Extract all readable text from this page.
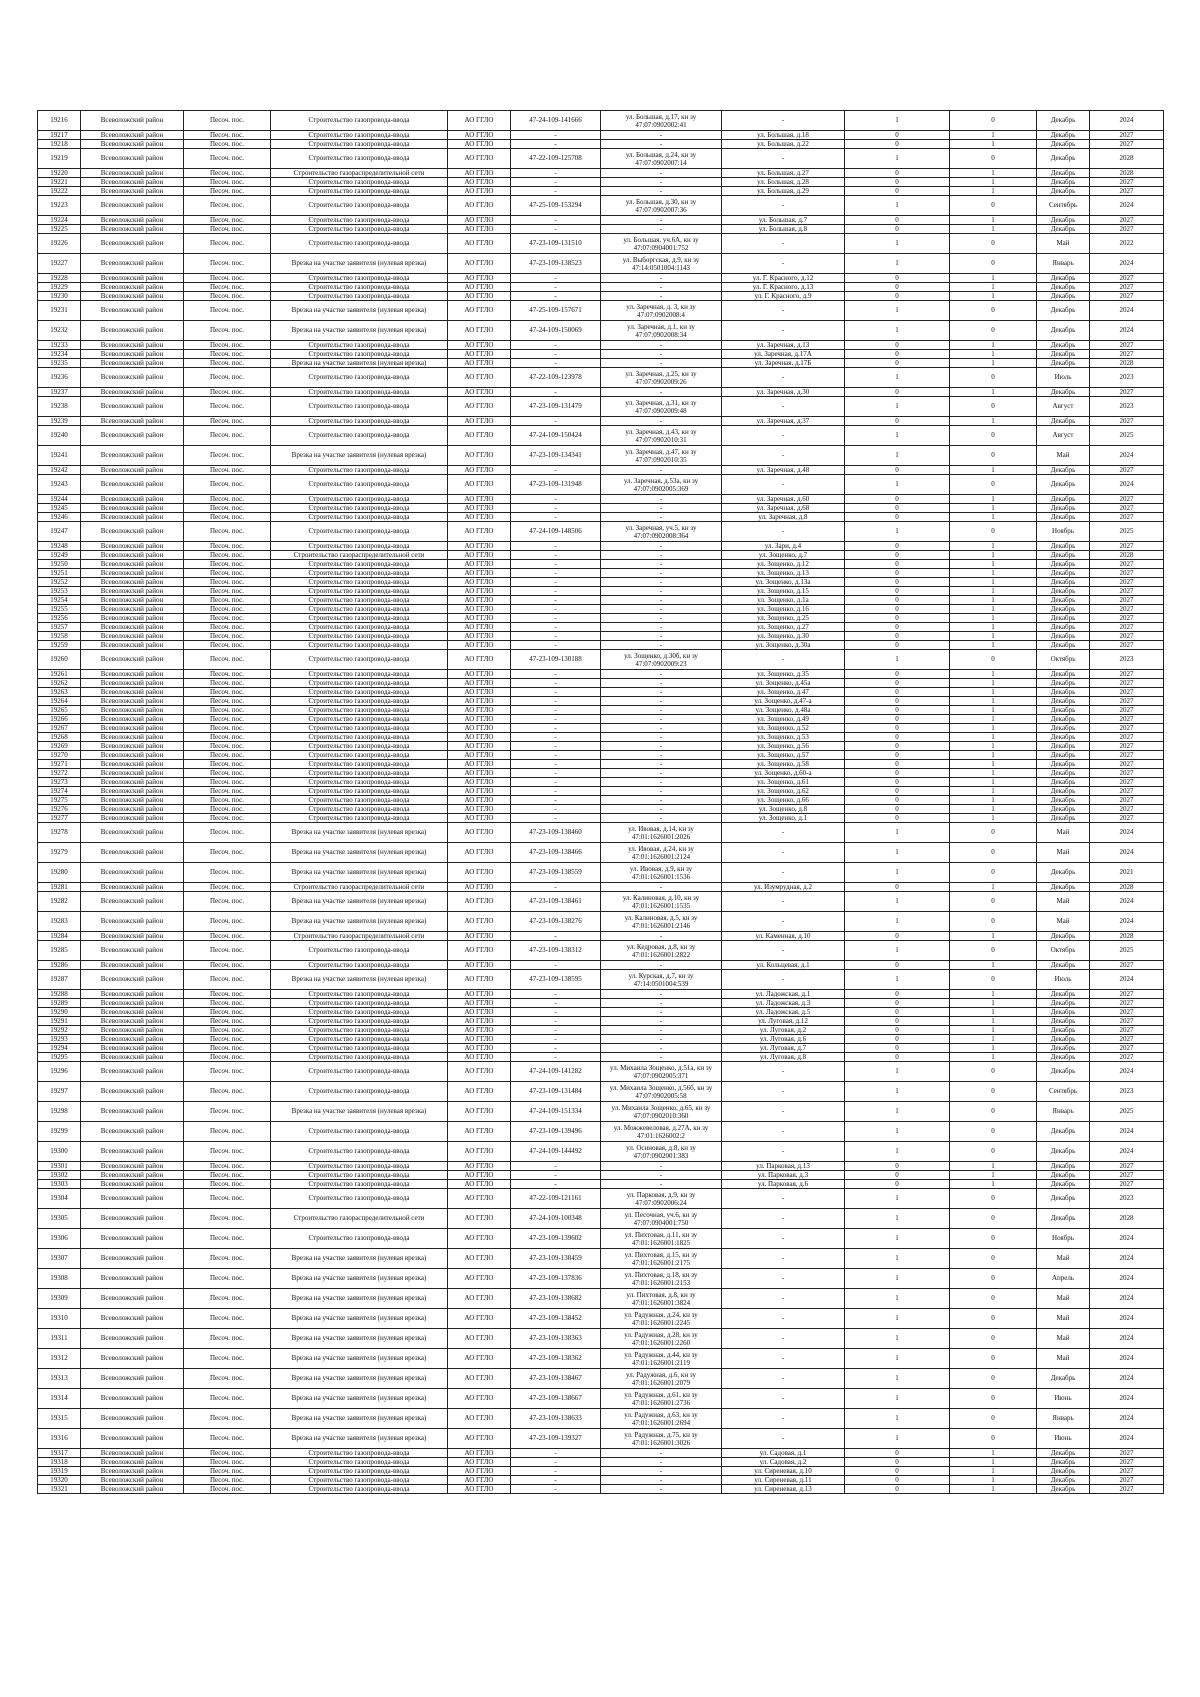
19216	Всеволожский район	Песоч. пос.	Строительство газопровода-ввода	АО ГГЛО	47-24-109-141666	ул. Большая, д.17, кн зу 47:07:0902002:41	-	1	0	Декабрь	2024
19217	Всеволожский район	Песоч. пос.	Строительство газопровода-ввода	АО ГГЛО	-	-	ул. Большая, д.18	0	1	Декабрь	2027
19218	Всеволожский район	Песоч. пос.	Строительство газопровода-ввода	АО ГГЛО	-	-	ул. Большая, д.22	0	1	Декабрь	2027
19219	Всеволожский район	Песоч. пос.	Строительство газопровода-ввода	АО ГГЛО	47-22-109-125708	ул. Большая, д.24, кн зу 47:07:0902007:14	-	1	0	Декабрь	2028
19220	Всеволожский район	Песоч. пос.	Строительство газораспределительной сети	АО ГГЛО	-	-	ул. Большая, д.27	0	1	Декабрь	2028
19221	Всеволожский район	Песоч. пос.	Строительство газопровода-ввода	АО ГГЛО	-	-	ул. Большая, д.28	0	1	Декабрь	2027
19222	Всеволожский район	Песоч. пос.	Строительство газопровода-ввода	АО ГГЛО	-	-	ул. Большая, д.29	0	1	Декабрь	2027
19223	Всеволожский район	Песоч. пос.	Строительство газопровода-ввода	АО ГГЛО	47-25-109-153294	ул. Большая, д.30, кн зу 47:07:0902007:36	-	1	0	Сентябрь	2024
19224	Всеволожский район	Песоч. пос.	Строительство газопровода-ввода	АО ГГЛО	-	-	ул. Большая, д.7	0	1	Декабрь	2027
19225	Всеволожский район	Песоч. пос.	Строительство газопровода-ввода	АО ГГЛО	-	-	ул. Большая, д.8	0	1	Декабрь	2027
19226	Всеволожский район	Песоч. пос.	Строительство газопровода-ввода	АО ГГЛО	47-23-109-131510	ул. Большая, уч.6А, кн зу 47:07:0904001:752	-	1	0	Май	2022
19227	Всеволожский район	Песоч. пос.	Врезка на участке заявителя (нулевая врезка)	АО ГГЛО	47-23-109-138523	ул. Выборгская, д.9, кн зу 47:14:0501004:1143	-	1	0	Январь	2024
19228	Всеволожский район	Песоч. пос.	Строительство газопровода-ввода	АО ГГЛО	-	-	ул. Г. Красного, д.12	0	1	Декабрь	2027
19229	Всеволожский район	Песоч. пос.	Строительство газопровода-ввода	АО ГГЛО	-	-	ул. Г. Красного, д.13	0	1	Декабрь	2027
19230	Всеволожский район	Песоч. пос.	Строительство газопровода-ввода	АО ГГЛО	-	-	ул. Г. Красного, д.9	0	1	Декабрь	2027
19231	Всеволожский район	Песоч. пос.	Врезка на участке заявителя (нулевая врезка)	АО ГГЛО	47-25-109-157671	ул. Заречная, д. 3, кн зу 47:07:0902008:4	-	1	0	Декабрь	2024
19232	Всеволожский район	Песоч. пос.	Врезка на участке заявителя (нулевая врезка)	АО ГГЛО	47-24-109-150069	ул. Заречная, д.1, кн зу 47:07:0902008:34	-	1	0	Декабрь	2024
19233	Всеволожский район	Песоч. пос.	Строительство газопровода-ввода	АО ГГЛО	-	-	ул. Заречная, д.13	0	1	Декабрь	2027
19234	Всеволожский район	Песоч. пос.	Строительство газопровода-ввода	АО ГГЛО	-	-	ул. Заречная, д.17А	0	1	Декабрь	2027
19235	Всеволожский район	Песоч. пос.	Врезка на участке заявителя (нулевая врезка)	АО ГГЛО	-	-	ул. Заречная, д.17Б	0	1	Декабрь	2028
19236	Всеволожский район	Песоч. пос.	Строительство газопровода-ввода	АО ГГЛО	47-22-109-123978	ул. Заречная, д.25, кн зу 47:07:0902009:26	-	1	0	Июль	2023
19237	Всеволожский район	Песоч. пос.	Строительство газопровода-ввода	АО ГГЛО	-	-	ул. Заречная, д.30	0	1	Декабрь	2027
19238	Всеволожский район	Песоч. пос.	Строительство газопровода-ввода	АО ГГЛО	47-23-109-131479	ул. Заречная, д.31, кн зу 47:07:0902009:48	-	1	0	Август	2023
19239	Всеволожский район	Песоч. пос.	Строительство газопровода-ввода	АО ГГЛО	-	-	ул. Заречная, д.37	0	1	Декабрь	2027
19240	Всеволожский район	Песоч. пос.	Строительство газопровода-ввода	АО ГГЛО	47-24-109-150424	ул. Заречная, д.43, кн зу 47:07:0902010:31	-	1	0	Август	2025
19241	Всеволожский район	Песоч. пос.	Врезка на участке заявителя (нулевая врезка)	АО ГГЛО	47-23-109-134341	ул. Заречная, д.47, кн зу 47:07:0902010:35	-	1	0	Май	2024
19242	Всеволожский район	Песоч. пос.	Строительство газопровода-ввода	АО ГГЛО	-	-	ул. Заречная, д.48	0	1	Декабрь	2027
19243	Всеволожский район	Песоч. пос.	Строительство газопровода-ввода	АО ГГЛО	47-23-109-131948	ул. Заречная, д.53а, кн зу 47:07:0902005:369	-	1	0	Декабрь	2024
19244	Всеволожский район	Песоч. пос.	Строительство газопровода-ввода	АО ГГЛО	-	-	ул. Заречная, д.60	0	1	Декабрь	2027
19245	Всеволожский район	Песоч. пос.	Строительство газопровода-ввода	АО ГГЛО	-	-	ул. Заречная, д.68	0	1	Декабрь	2027
19246	Всеволожский район	Песоч. пос.	Строительство газопровода-ввода	АО ГГЛО	-	-	ул. Заречная, д.8	0	1	Декабрь	2027
19247	Всеволожский район	Песоч. пос.	Строительство газопровода-ввода	АО ГГЛО	47-24-109-148506	ул. Заречная, уч.5, кн зу 47:07:0902008:364	-	1	0	Ноябрь	2025
19248	Всеволожский район	Песоч. пос.	Строительство газопровода-ввода	АО ГГЛО	-	-	ул. Зари, д.4	0	1	Декабрь	2027
19249	Всеволожский район	Песоч. пос.	Строительство газораспределительной сети	АО ГГЛО	-	-	ул. Зощенко, д.7	0	1	Декабрь	2028
19250	Всеволожский район	Песоч. пос.	Строительство газопровода-ввода	АО ГГЛО	-	-	ул. Зощенко, д.12	0	1	Декабрь	2027
19251	Всеволожский район	Песоч. пос.	Строительство газопровода-ввода	АО ГГЛО	-	-	ул. Зощенко, д.13	0	1	Декабрь	2027
19252	Всеволожский район	Песоч. пос.	Строительство газопровода-ввода	АО ГГЛО	-	-	ул. Зощенко, д.13а	0	1	Декабрь	2027
19253	Всеволожский район	Песоч. пос.	Строительство газопровода-ввода	АО ГГЛО	-	-	ул. Зощенко, д.15	0	1	Декабрь	2027
19254	Всеволожский район	Песоч. пос.	Строительство газопровода-ввода	АО ГГЛО	-	-	ул. Зощенко, д.1а	0	1	Декабрь	2027
19255	Всеволожский район	Песоч. пос.	Строительство газопровода-ввода	АО ГГЛО	-	-	ул. Зощенко, д.16	0	1	Декабрь	2027
19256	Всеволожский район	Песоч. пос.	Строительство газопровода-ввода	АО ГГЛО	-	-	ул. Зощенко, д.25	0	1	Декабрь	2027
19257	Всеволожский район	Песоч. пос.	Строительство газопровода-ввода	АО ГГЛО	-	-	ул. Зощенко, д.27	0	1	Декабрь	2027
19258	Всеволожский район	Песоч. пос.	Строительство газопровода-ввода	АО ГГЛО	-	-	ул. Зощенко, д.30	0	1	Декабрь	2027
19259	Всеволожский район	Песоч. пос.	Строительство газопровода-ввода	АО ГГЛО	-	-	ул. Зощенко, д.30а	0	1	Декабрь	2027
19260	Всеволожский район	Песоч. пос.	Строительство газопровода-ввода	АО ГГЛО	47-23-109-130188	ул. Зощенко, д.30б, кн зу 47:07:0902009:23	-	1	0	Октябрь	2023
19261	Всеволожский район	Песоч. пос.	Строительство газопровода-ввода	АО ГГЛО	-	-	ул. Зощенко, д.35	0	1	Декабрь	2027
19262	Всеволожский район	Песоч. пос.	Строительство газопровода-ввода	АО ГГЛО	-	-	ул. Зощенко, д.45а	0	1	Декабрь	2027
19263	Всеволожский район	Песоч. пос.	Строительство газопровода-ввода	АО ГГЛО	-	-	ул. Зощенко, д.47	0	1	Декабрь	2027
19264	Всеволожский район	Песоч. пос.	Строительство газопровода-ввода	АО ГГЛО	-	-	ул. Зощенко, д.47-а	0	1	Декабрь	2027
19265	Всеволожский район	Песоч. пос.	Строительство газопровода-ввода	АО ГГЛО	-	-	ул. Зощенко, д.48а	0	1	Декабрь	2027
19266	Всеволожский район	Песоч. пос.	Строительство газопровода-ввода	АО ГГЛО	-	-	ул. Зощенко, д.49	0	1	Декабрь	2027
19267	Всеволожский район	Песоч. пос.	Строительство газопровода-ввода	АО ГГЛО	-	-	ул. Зощенко, д.52	0	1	Декабрь	2027
19268	Всеволожский район	Песоч. пос.	Строительство газопровода-ввода	АО ГГЛО	-	-	ул. Зощенко, д.53	0	1	Декабрь	2027
19269	Всеволожский район	Песоч. пос.	Строительство газопровода-ввода	АО ГГЛО	-	-	ул. Зощенко, д.56	0	1	Декабрь	2027
19270	Всеволожский район	Песоч. пос.	Строительство газопровода-ввода	АО ГГЛО	-	-	ул. Зощенко, д.57	0	1	Декабрь	2027
19271	Всеволожский район	Песоч. пос.	Строительство газопровода-ввода	АО ГГЛО	-	-	ул. Зощенко, д.58	0	1	Декабрь	2027
19272	Всеволожский район	Песоч. пос.	Строительство газопровода-ввода	АО ГГЛО	-	-	ул. Зощенко, д.60-а	0	1	Декабрь	2027
19273	Всеволожский район	Песоч. пос.	Строительство газопровода-ввода	АО ГГЛО	-	-	ул. Зощенко, д.61	0	1	Декабрь	2027
19274	Всеволожский район	Песоч. пос.	Строительство газопровода-ввода	АО ГГЛО	-	-	ул. Зощенко, д.62	0	1	Декабрь	2027
19275	Всеволожский район	Песоч. пос.	Строительство газопровода-ввода	АО ГГЛО	-	-	ул. Зощенко, д.66	0	1	Декабрь	2027
19276	Всеволожский район	Песоч. пос.	Строительство газопровода-ввода	АО ГГЛО	-	-	ул. Зощенко, д.8	0	1	Декабрь	2027
19277	Всеволожский район	Песоч. пос.	Строительство газопровода-ввода	АО ГГЛО	-	-	ул. Зощенко, д.1	0	1	Декабрь	2027
19278	Всеволожский район	Песоч. пос.	Врезка на участке заявителя (нулевая врезка)	АО ГГЛО	47-23-109-138460	ул. Ивовая, д.14, кн зу 47:01:1626001:2026	-	1	0	Май	2024
19279	Всеволожский район	Песоч. пос.	Врезка на участке заявителя (нулевая врезка)	АО ГГЛО	47-23-109-138466	ул. Ивовая, д.24, кн зу 47:01:1626001:2124	-	1	0	Май	2024
19280	Всеволожский район	Песоч. пос.	Врезка на участке заявителя (нулевая врезка)	АО ГГЛО	47-23-109-138559	ул. Ивовая, д.9, кн зу 47:01:1626001:1536	-	1	0	Декабрь	2021
19281	Всеволожский район	Песоч. пос.	Строительство газораспределительной сети	АО ГГЛО	-	-	ул. Изумрудная, д.2	0	1	Декабрь	2028
19282	Всеволожский район	Песоч. пос.	Врезка на участке заявителя (нулевая врезка)	АО ГГЛО	47-23-109-138461	ул. Калиновая, д.10, кн зу 47:01:1626001:1535	-	1	0	Май	2024
19283	Всеволожский район	Песоч. пос.	Врезка на участке заявителя (нулевая врезка)	АО ГГЛО	47-23-109-138276	ул. Калиновая, д.5, кн зу 47:01:1626001:2146	-	1	0	Май	2024
19284	Всеволожский район	Песоч. пос.	Строительство газораспределительной сети	АО ГГЛО	-	-	ул. Каменная, д.10	0	1	Декабрь	2028
19285	Всеволожский район	Песоч. пос.	Строительство газопровода-ввода	АО ГГЛО	47-23-109-138312	ул. Кедровая, д.8, кн зу 47:01:1626001:2822	-	1	0	Октябрь	2025
19286	Всеволожский район	Песоч. пос.	Строительство газопровода-ввода	АО ГГЛО	-	-	ул. Кольцевая, д.1	0	1	Декабрь	2027
19287	Всеволожский район	Песоч. пос.	Врезка на участке заявителя (нулевая врезка)	АО ГГЛО	47-23-109-138595	ул. Курская, д.7, кн зу 47:14:0501004:539	-	1	0	Июль	2024
19288	Всеволожский район	Песоч. пос.	Строительство газопровода-ввода	АО ГГЛО	-	-	ул. Ладожская, д.1	0	1	Декабрь	2027
19289	Всеволожский район	Песоч. пос.	Строительство газопровода-ввода	АО ГГЛО	-	-	ул. Ладожская, д.3	0	1	Декабрь	2027
19290	Всеволожский район	Песоч. пос.	Строительство газопровода-ввода	АО ГГЛО	-	-	ул. Ладожская, д.5	0	1	Декабрь	2027
19291	Всеволожский район	Песоч. пос.	Строительство газопровода-ввода	АО ГГЛО	-	-	ул. Луговая, д.12	0	1	Декабрь	2027
19292	Всеволожский район	Песоч. пос.	Строительство газопровода-ввода	АО ГГЛО	-	-	ул. Луговая, д.2	0	1	Декабрь	2027
19293	Всеволожский район	Песоч. пос.	Строительство газопровода-ввода	АО ГГЛО	-	-	ул. Луговая, д.6	0	1	Декабрь	2027
19294	Всеволожский район	Песоч. пос.	Строительство газопровода-ввода	АО ГГЛО	-	-	ул. Луговая, д.7	0	1	Декабрь	2027
19295	Всеволожский район	Песоч. пос.	Строительство газопровода-ввода	АО ГГЛО	-	-	ул. Луговая, д.8	0	1	Декабрь	2027
19296	Всеволожский район	Песоч. пос.	Строительство газопровода-ввода	АО ГГЛО	47-24-109-141282	ул. Михаила Зощенко, д.51а, кн зу 47:07:0902005:371	-	1	0	Декабрь	2024
19297	Всеволожский район	Песоч. пос.	Строительство газопровода-ввода	АО ГГЛО	47-23-109-131484	ул. Михаила Зощенко, д.56б, кн зу 47:07:0902005:58	-	1	0	Сентябрь	2023
19298	Всеволожский район	Песоч. пос.	Врезка на участке заявителя (нулевая врезка)	АО ГГЛО	47-24-109-151334	ул. Михаила Зощенко, д.65, кн зу 47:07:0902010:360	-	1	0	Январь	2025
19299	Всеволожский район	Песоч. пос.	Строительство газопровода-ввода	АО ГГЛО	47-23-109-139496	ул. Можжевеловая, д.27А, кн зу 47:01:1626002:2	-	1	0	Декабрь	2024
19300	Всеволожский район	Песоч. пос.	Строительство газопровода-ввода	АО ГГЛО	47-24-109-144492	ул. Осиновая, д.8, кн зу 47:07:0902001:383	-	1	0	Декабрь	2024
19301	Всеволожский район	Песоч. пос.	Строительство газопровода-ввода	АО ГГЛО	-	-	ул. Парковая, д.13	0	1	Декабрь	2027
19302	Всеволожский район	Песоч. пос.	Строительство газопровода-ввода	АО ГГЛО	-	-	ул. Парковая, д.3	0	1	Декабрь	2027
19303	Всеволожский район	Песоч. пос.	Строительство газопровода-ввода	АО ГГЛО	-	-	ул. Парковая, д.6	0	1	Декабрь	2027
19304	Всеволожский район	Песоч. пос.	Строительство газопровода-ввода	АО ГГЛО	47-22-109-121161	ул. Парковая, д.9, кн зу 47:07:0902006:24	-	1	0	Декабрь	2023
19305	Всеволожский район	Песоч. пос.	Строительство газораспределительной сети	АО ГГЛО	47-24-109-100348	ул. Песочная, уч.6, кн зу 47:07:0904001:750	-	1	0	Декабрь	2028
19306	Всеволожский район	Песоч. пос.	Строительство газопровода-ввода	АО ГГЛО	47-23-109-139602	ул. Пихтовая, д.11, кн зу 47:01:1626001:1825	-	1	0	Ноябрь	2024
19307	Всеволожский район	Песоч. пос.	Врезка на участке заявителя (нулевая врезка)	АО ГГЛО	47-23-109-138459	ул. Пихтовая, д.15, кн зу 47:01:1626001:2175	-	1	0	Май	2024
19308	Всеволожский район	Песоч. пос.	Врезка на участке заявителя (нулевая врезка)	АО ГГЛО	47-23-109-137836	ул. Пихтовая, д.18, кн зу 47:01:1626001:2153	-	1	0	Апрель	2024
19309	Всеволожский район	Песоч. пос.	Врезка на участке заявителя (нулевая врезка)	АО ГГЛО	47-23-109-138682	ул. Пихтовая, д.8, кн зу 47:01:1626001:3824	-	1	0	Май	2024
19310	Всеволожский район	Песоч. пос.	Врезка на участке заявителя (нулевая врезка)	АО ГГЛО	47-23-109-138452	ул. Радужная, д.24, кн зу 47:01:1626001:2245	-	1	0	Май	2024
19311	Всеволожский район	Песоч. пос.	Врезка на участке заявителя (нулевая врезка)	АО ГГЛО	47-23-109-138363	ул. Радужная, д.28, кн зу 47:01:1626001:2260	-	1	0	Май	2024
19312	Всеволожский район	Песоч. пос.	Врезка на участке заявителя (нулевая врезка)	АО ГГЛО	47-23-109-138362	ул. Радужная, д.44, кн зу 47:01:1626001:2119	-	1	0	Май	2024
19313	Всеволожский район	Песоч. пос.	Врезка на участке заявителя (нулевая врезка)	АО ГГЛО	47-23-109-138467	ул. Радужная, д.6, кн зу 47:01:1626001:2079	-	1	0	Декабрь	2024
19314	Всеволожский район	Песоч. пос.	Врезка на участке заявителя (нулевая врезка)	АО ГГЛО	47-23-109-138667	ул. Радужная, д.61, кн зу 47:01:1626001:2736	-	1	0	Июнь	2024
19315	Всеволожский район	Песоч. пос.	Врезка на участке заявителя (нулевая врезка)	АО ГГЛО	47-23-109-138633	ул. Радужная, д.63, кн зу 47:01:1626001:2694	-	1	0	Январь	2024
19316	Всеволожский район	Песоч. пос.	Врезка на участке заявителя (нулевая врезка)	АО ГГЛО	47-23-109-139327	ул. Радужная, д.75, кн зу 47:01:1626001:3026	-	1	0	Июнь	2024
19317	Всеволожский район	Песоч. пос.	Строительство газопровода-ввода	АО ГГЛО	-	-	ул. Садовая, д.1	0	1	Декабрь	2027
19318	Всеволожский район	Песоч. пос.	Строительство газопровода-ввода	АО ГГЛО	-	-	ул. Садовая, д.2	0	1	Декабрь	2027
19319	Всеволожский район	Песоч. пос.	Строительство газопровода-ввода	АО ГГЛО	-	-	ул. Сиреневая, д.10	0	1	Декабрь	2027
19320	Всеволожский район	Песоч. пос.	Строительство газопровода-ввода	АО ГГЛО	-	-	ул. Сиреневая, д.11	0	1	Декабрь	2027
19321	Всеволожский район	Песоч. пос.	Строительство газопровода-ввода	АО ГГЛО	-	-	ул. Сиреневая, д.13	0	1	Декабрь	2027
